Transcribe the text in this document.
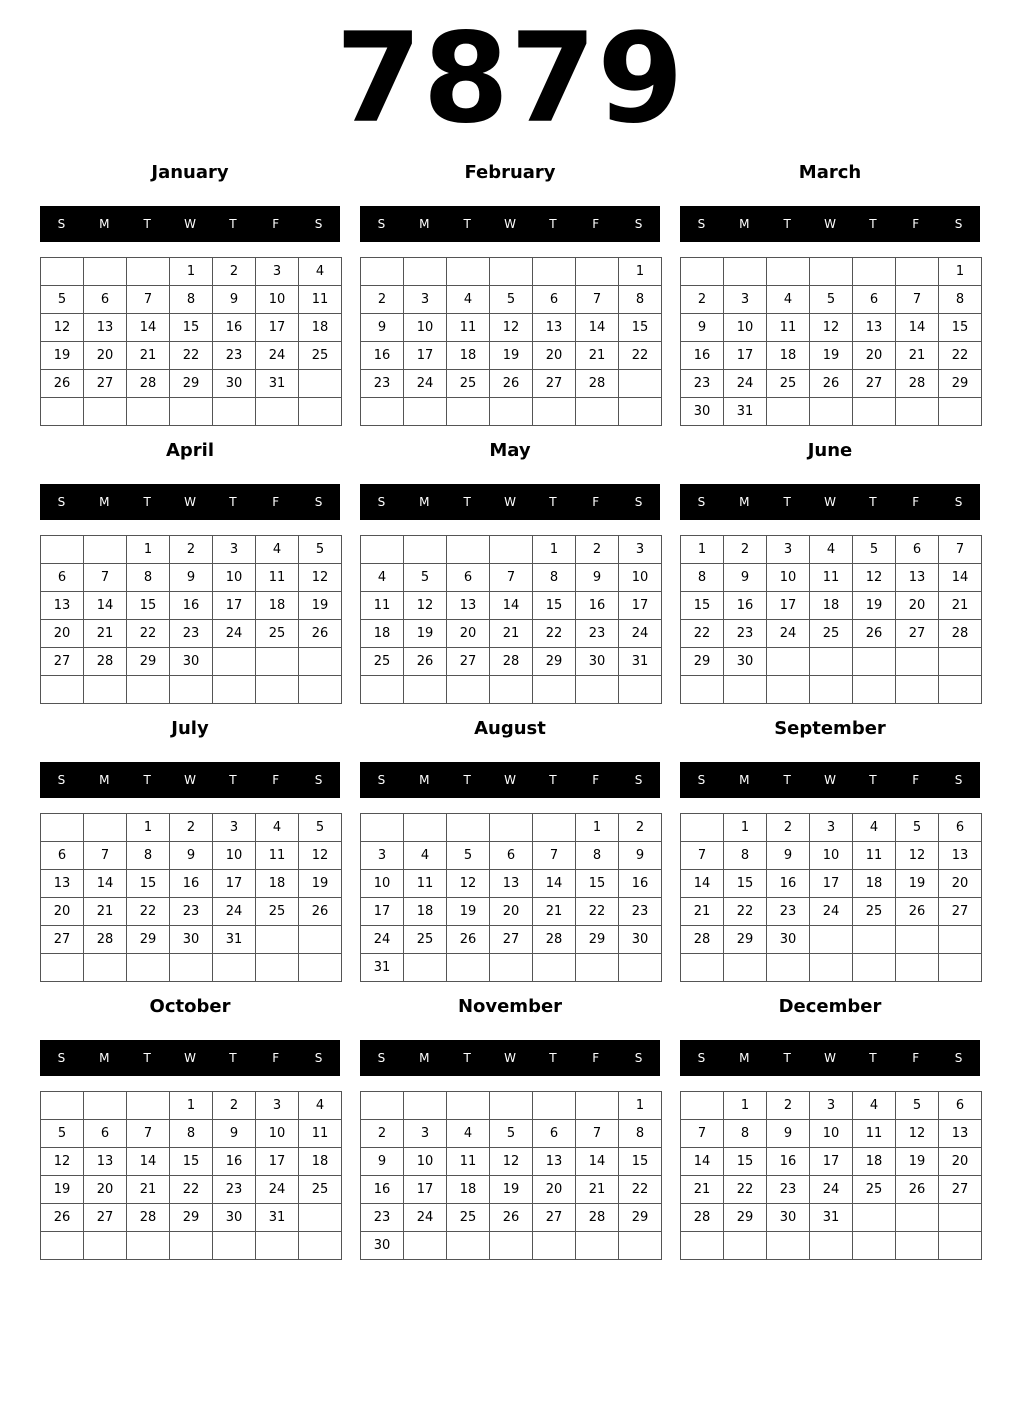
7879
January
S	M	T	W	T	F	S
			1	2	3	4
5	6	7	8	9	10	11
12	13	14	15	16	17	18
19	20	21	22	23	24	25
26	27	28	29	30	31	

February
S	M	T	W	T	F	S
						1
2	3	4	5	6	7	8
9	10	11	12	13	14	15
16	17	18	19	20	21	22
23	24	25	26	27	28	

March
S	M	T	W	T	F	S
						1
2	3	4	5	6	7	8
9	10	11	12	13	14	15
16	17	18	19	20	21	22
23	24	25	26	27	28	29
30	31					
April
S	M	T	W	T	F	S
		1	2	3	4	5
6	7	8	9	10	11	12
13	14	15	16	17	18	19
20	21	22	23	24	25	26
27	28	29	30			

May
S	M	T	W	T	F	S
				1	2	3
4	5	6	7	8	9	10
11	12	13	14	15	16	17
18	19	20	21	22	23	24
25	26	27	28	29	30	31

June
S	M	T	W	T	F	S
1	2	3	4	5	6	7
8	9	10	11	12	13	14
15	16	17	18	19	20	21
22	23	24	25	26	27	28
29	30					

July
S	M	T	W	T	F	S
		1	2	3	4	5
6	7	8	9	10	11	12
13	14	15	16	17	18	19
20	21	22	23	24	25	26
27	28	29	30	31		

August
S	M	T	W	T	F	S
					1	2
3	4	5	6	7	8	9
10	11	12	13	14	15	16
17	18	19	20	21	22	23
24	25	26	27	28	29	30
31						
September
S	M	T	W	T	F	S
	1	2	3	4	5	6
7	8	9	10	11	12	13
14	15	16	17	18	19	20
21	22	23	24	25	26	27
28	29	30				

October
S	M	T	W	T	F	S
			1	2	3	4
5	6	7	8	9	10	11
12	13	14	15	16	17	18
19	20	21	22	23	24	25
26	27	28	29	30	31	

November
S	M	T	W	T	F	S
						1
2	3	4	5	6	7	8
9	10	11	12	13	14	15
16	17	18	19	20	21	22
23	24	25	26	27	28	29
30						
December
S	M	T	W	T	F	S
	1	2	3	4	5	6
7	8	9	10	11	12	13
14	15	16	17	18	19	20
21	22	23	24	25	26	27
28	29	30	31			
